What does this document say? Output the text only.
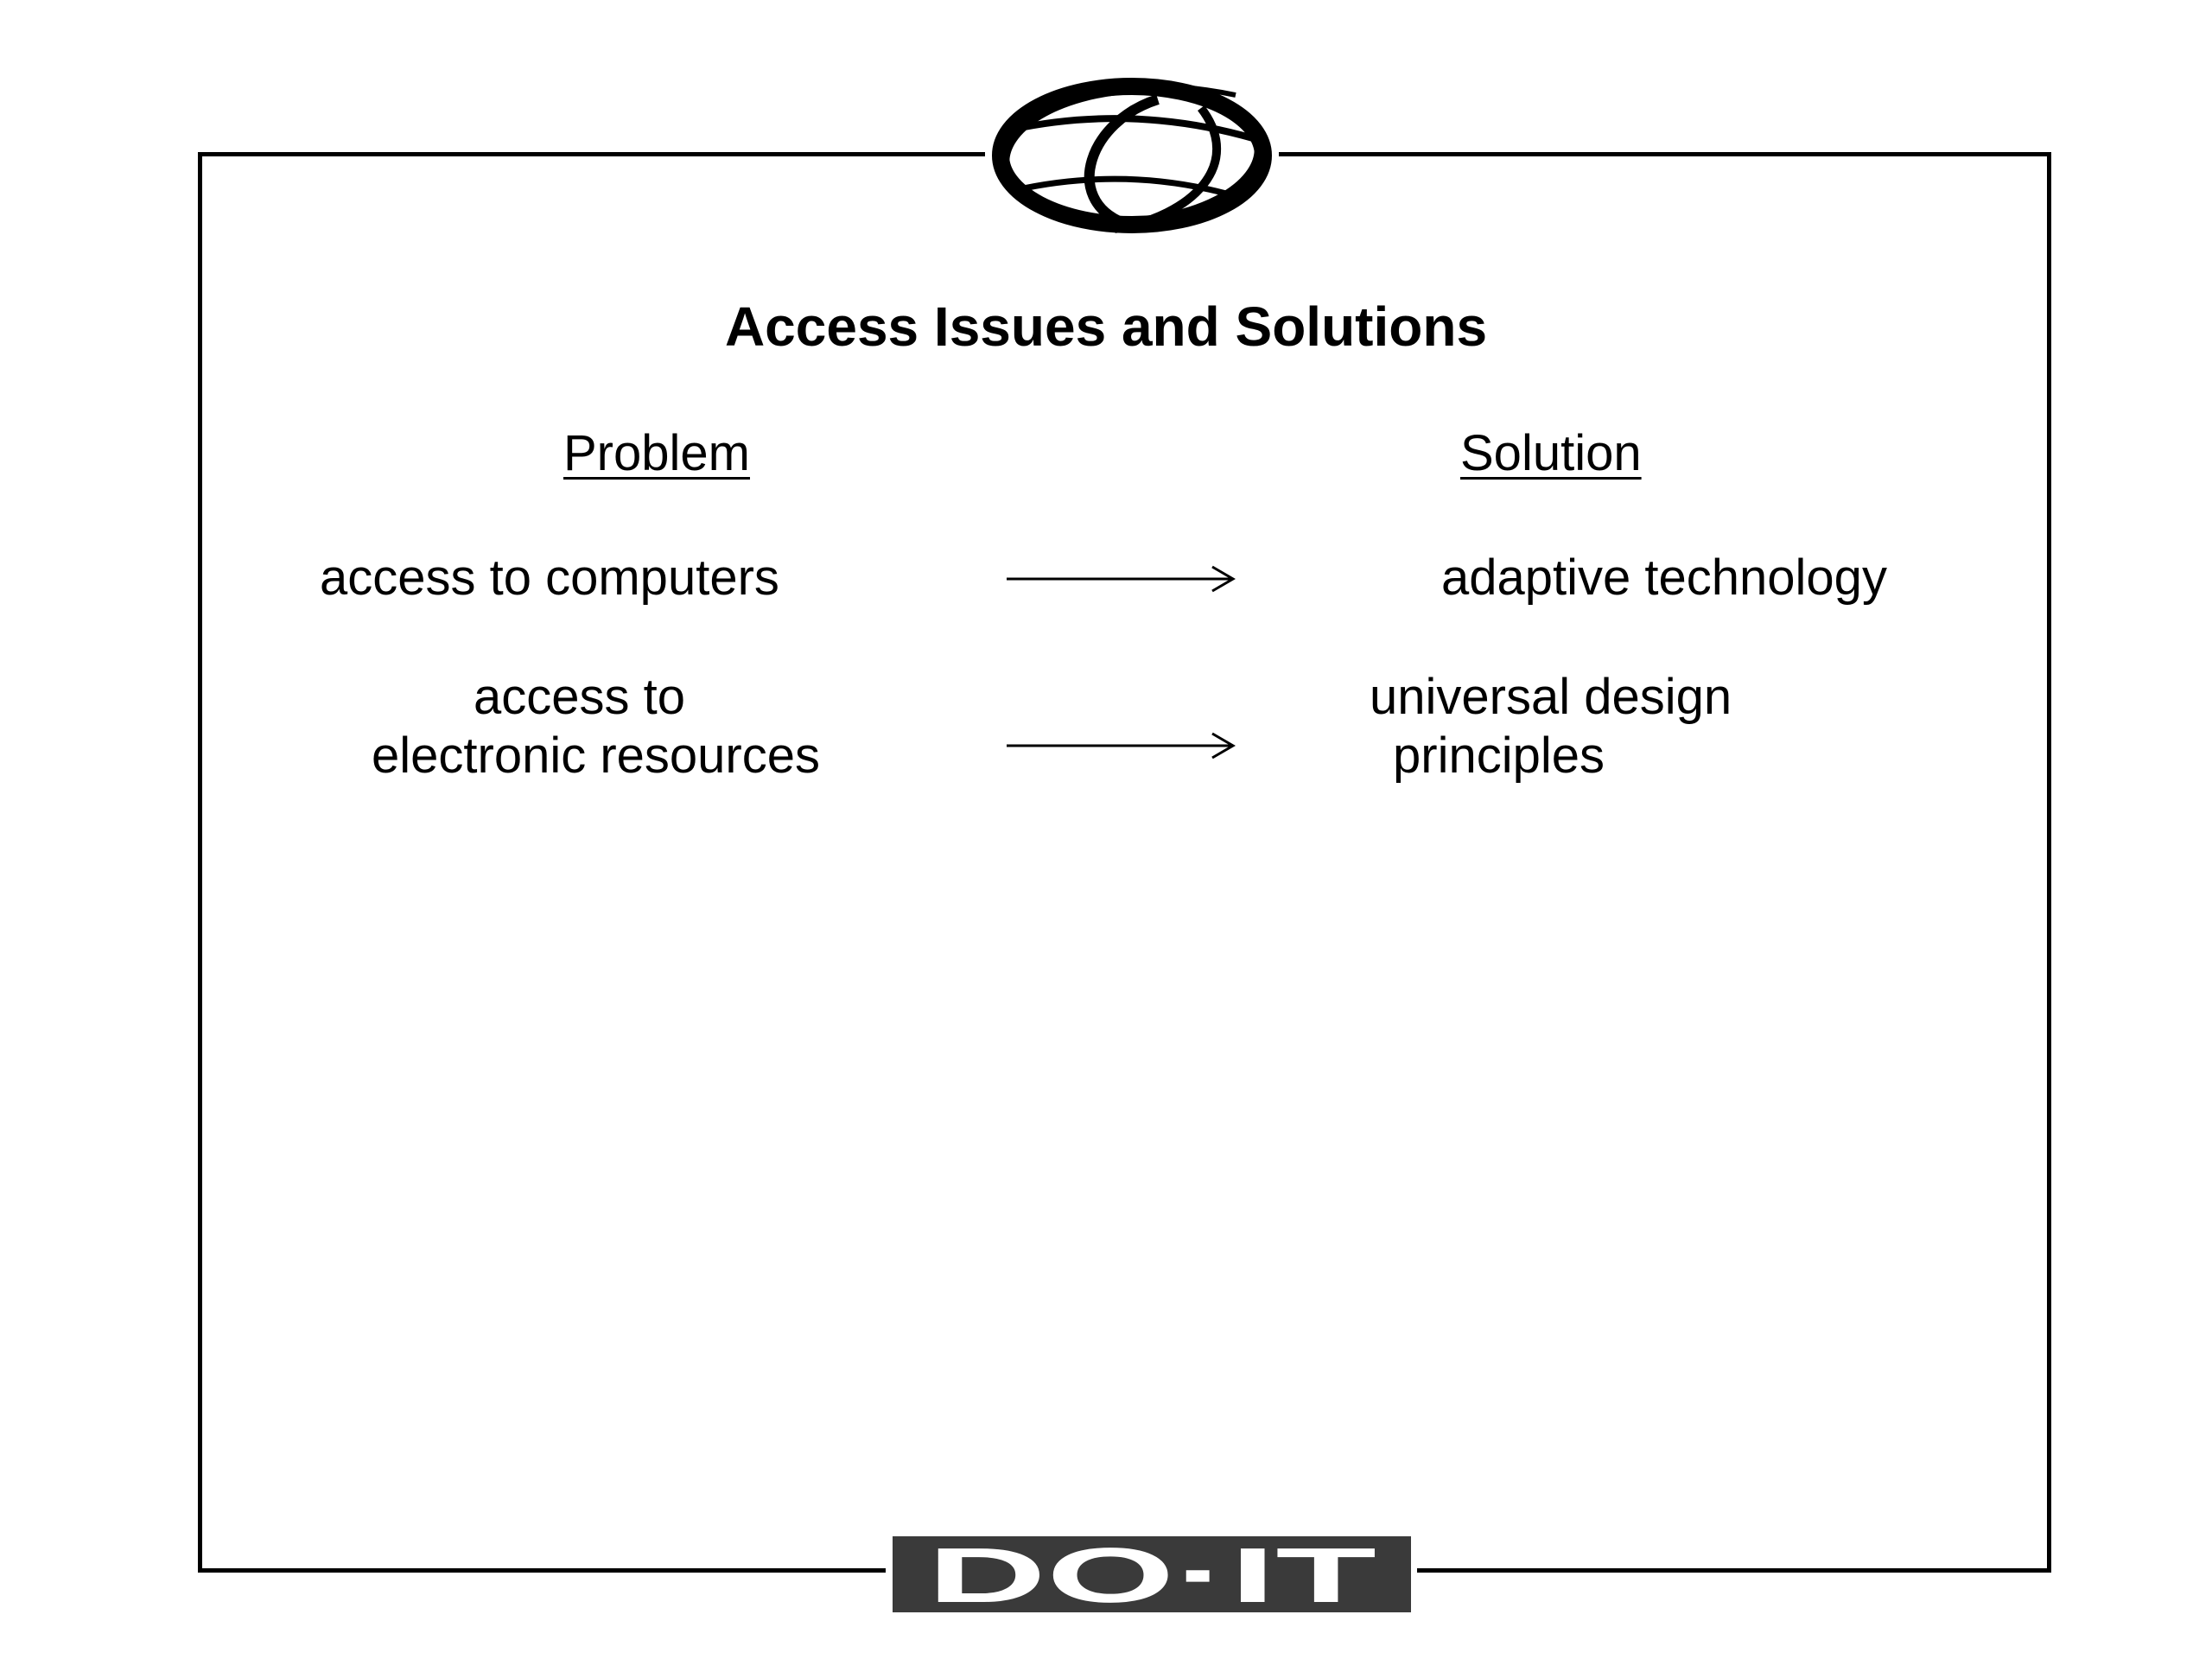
Access Issues and Solutions
Problem	Solution
access to computers	adaptive technology
access to
electronic resources
universal design
principles
DO·IT
